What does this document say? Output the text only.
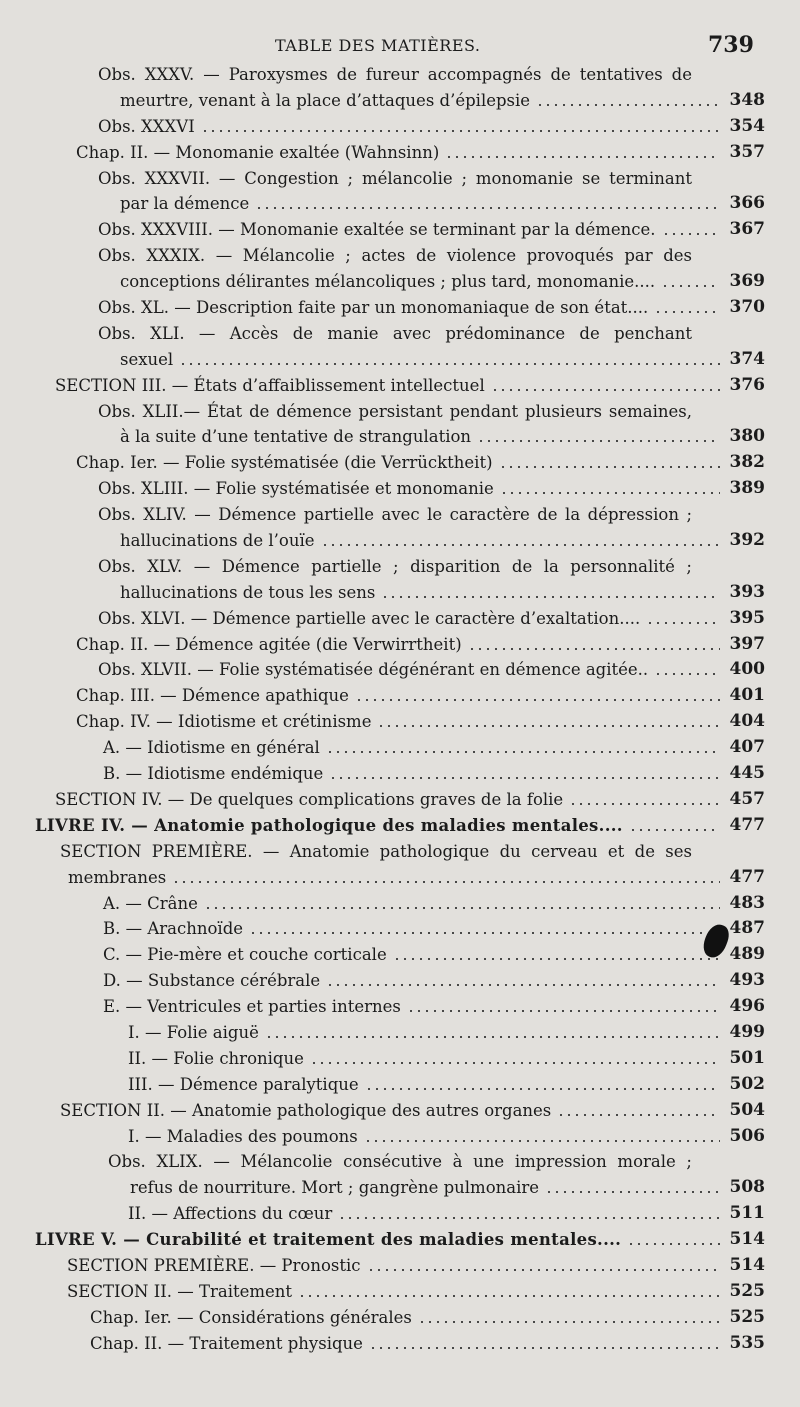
TABLE DES MATIÈRES.	739
Obs. XXXV. — Paroxysmes de fureur accompagnés de tentatives de
meurtre, venant à la place d’attaques d’épilepsie	348
Obs. XXXVI	354
Chap. II. — Monomanie exaltée (Wahnsinn)	357
Obs. XXXVII. — Congestion ; mélancolie ; monomanie se terminant
par la démence	366
Obs. XXXVIII. — Monomanie exaltée se terminant par la démence.	367
Obs. XXXIX. — Mélancolie ; actes de violence provoqués par des
conceptions délirantes mélancoliques ; plus tard, monomanie....	369
Obs. XL. — Description faite par un monomaniaque de son état....	370
Obs. XLI. — Accès de manie avec prédominance de penchant
sexuel	374
SECTION III. — États d’affaiblissement intellectuel	376
Obs. XLII.— État de démence persistant pendant plusieurs semaines,
à la suite d’une tentative de strangulation	380
Chap. Ier. — Folie systématisée (die Verrücktheit)	382
Obs. XLIII. — Folie systématisée et monomanie	389
Obs. XLIV. — Démence partielle avec le caractère de la dépression ;
hallucinations de l’ouïe	392
Obs. XLV. — Démence partielle ; disparition de la personnalité ;
hallucinations de tous les sens	393
Obs. XLVI. — Démence partielle avec le caractère d’exaltation....	395
Chap. II. — Démence agitée (die Verwirrtheit)	397
Obs. XLVII. — Folie systématisée dégénérant en démence agitée..	400
Chap. III. — Démence apathique	401
Chap. IV. — Idiotisme et crétinisme	404
A. — Idiotisme en général	407
B. — Idiotisme endémique	445
SECTION IV. — De quelques complications graves de la folie	457
LIVRE IV. — Anatomie pathologique des maladies mentales....	477
SECTION PREMIÈRE. — Anatomie pathologique du cerveau et de ses
membranes	477
A. — Crâne	483
B. — Arachnoïde	487
C. — Pie-mère et couche corticale	489
D. — Substance cérébrale	493
E. — Ventricules et parties internes	496
I. — Folie aiguë	499
II. — Folie chronique	501
III. — Démence paralytique	502
SECTION II. — Anatomie pathologique des autres organes	504
I. — Maladies des poumons	506
Obs. XLIX. — Mélancolie consécutive à une impression morale ;
refus de nourriture. Mort ; gangrène pulmonaire	508
II. — Affections du cœur	511
LIVRE V. — Curabilité et traitement des maladies mentales....	514
SECTION PREMIÈRE. — Pronostic	514
SECTION II. — Traitement	525
Chap. Ier. — Considérations générales	525
Chap. II. — Traitement physique	535
